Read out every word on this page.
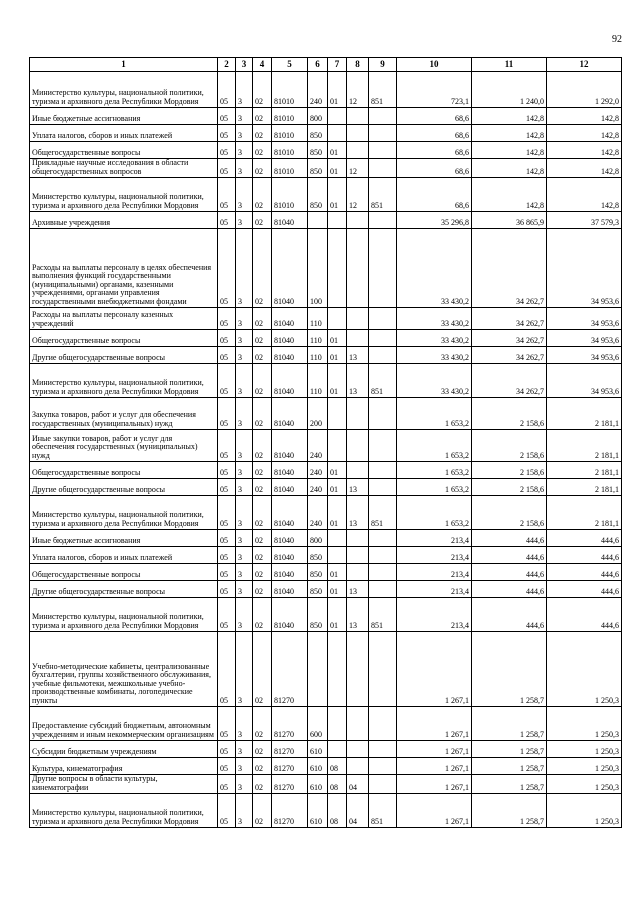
92
1	2	3	4	5	6	7	8	9	10	11	12
Министерство культуры, национальной политики, туризма и архивного дела Республики Мордовия	05	3	02	81010	240	01	12	851	723,1	1 240,0	1 292,0
Иные бюджетные ассигнования	05	3	02	81010	800				68,6	142,8	142,8
Уплата налогов, сборов и иных платежей	05	3	02	81010	850				68,6	142,8	142,8
Общегосударственные вопросы	05	3	02	81010	850	01			68,6	142,8	142,8
Прикладные научные исследования в области общегосударственных вопросов	05	3	02	81010	850	01	12		68,6	142,8	142,8
Министерство культуры, национальной политики, туризма и архивного дела Республики Мордовия	05	3	02	81010	850	01	12	851	68,6	142,8	142,8
Архивные учреждения	05	3	02	81040					35 296,8	36 865,9	37 579,3
Расходы на выплаты персоналу в целях обеспечения выполнения функций государственными (муниципальными) органами, казенными учреждениями, органами управления государственными внебюджетными фондами	05	3	02	81040	100				33 430,2	34 262,7	34 953,6
Расходы на выплаты персоналу казенных учреждений	05	3	02	81040	110				33 430,2	34 262,7	34 953,6
Общегосударственные вопросы	05	3	02	81040	110	01			33 430,2	34 262,7	34 953,6
Другие общегосударственные вопросы	05	3	02	81040	110	01	13		33 430,2	34 262,7	34 953,6
Министерство культуры, национальной политики, туризма и архивного дела Республики Мордовия	05	3	02	81040	110	01	13	851	33 430,2	34 262,7	34 953,6
Закупка товаров, работ и услуг для обеспечения государственных (муниципальных) нужд	05	3	02	81040	200				1 653,2	2 158,6	2 181,1
Иные закупки товаров, работ и услуг для обеспечения государственных (муниципальных) нужд	05	3	02	81040	240				1 653,2	2 158,6	2 181,1
Общегосударственные вопросы	05	3	02	81040	240	01			1 653,2	2 158,6	2 181,1
Другие общегосударственные вопросы	05	3	02	81040	240	01	13		1 653,2	2 158,6	2 181,1
Министерство культуры, национальной политики, туризма и архивного дела Республики Мордовия	05	3	02	81040	240	01	13	851	1 653,2	2 158,6	2 181,1
Иные бюджетные ассигнования	05	3	02	81040	800				213,4	444,6	444,6
Уплата налогов, сборов и иных платежей	05	3	02	81040	850				213,4	444,6	444,6
Общегосударственные вопросы	05	3	02	81040	850	01			213,4	444,6	444,6
Другие общегосударственные вопросы	05	3	02	81040	850	01	13		213,4	444,6	444,6
Министерство культуры, национальной политики, туризма и архивного дела Республики Мордовия	05	3	02	81040	850	01	13	851	213,4	444,6	444,6
Учебно-методические кабинеты, централизованные бухгалтерии, группы хозяйственного обслуживания, учебные фильмотеки, межшкольные учебно-производственные комбинаты, логопедические пункты	05	3	02	81270					1 267,1	1 258,7	1 250,3
Предоставление субсидий бюджетным, автономным учреждениям и иным некоммерческим организациям	05	3	02	81270	600				1 267,1	1 258,7	1 250,3
Субсидии бюджетным учреждениям	05	3	02	81270	610				1 267,1	1 258,7	1 250,3
Культура, кинематография	05	3	02	81270	610	08			1 267,1	1 258,7	1 250,3
Другие вопросы в области культуры, кинематографии	05	3	02	81270	610	08	04		1 267,1	1 258,7	1 250,3
Министерство культуры, национальной политики, туризма и архивного дела Республики Мордовия	05	3	02	81270	610	08	04	851	1 267,1	1 258,7	1 250,3
